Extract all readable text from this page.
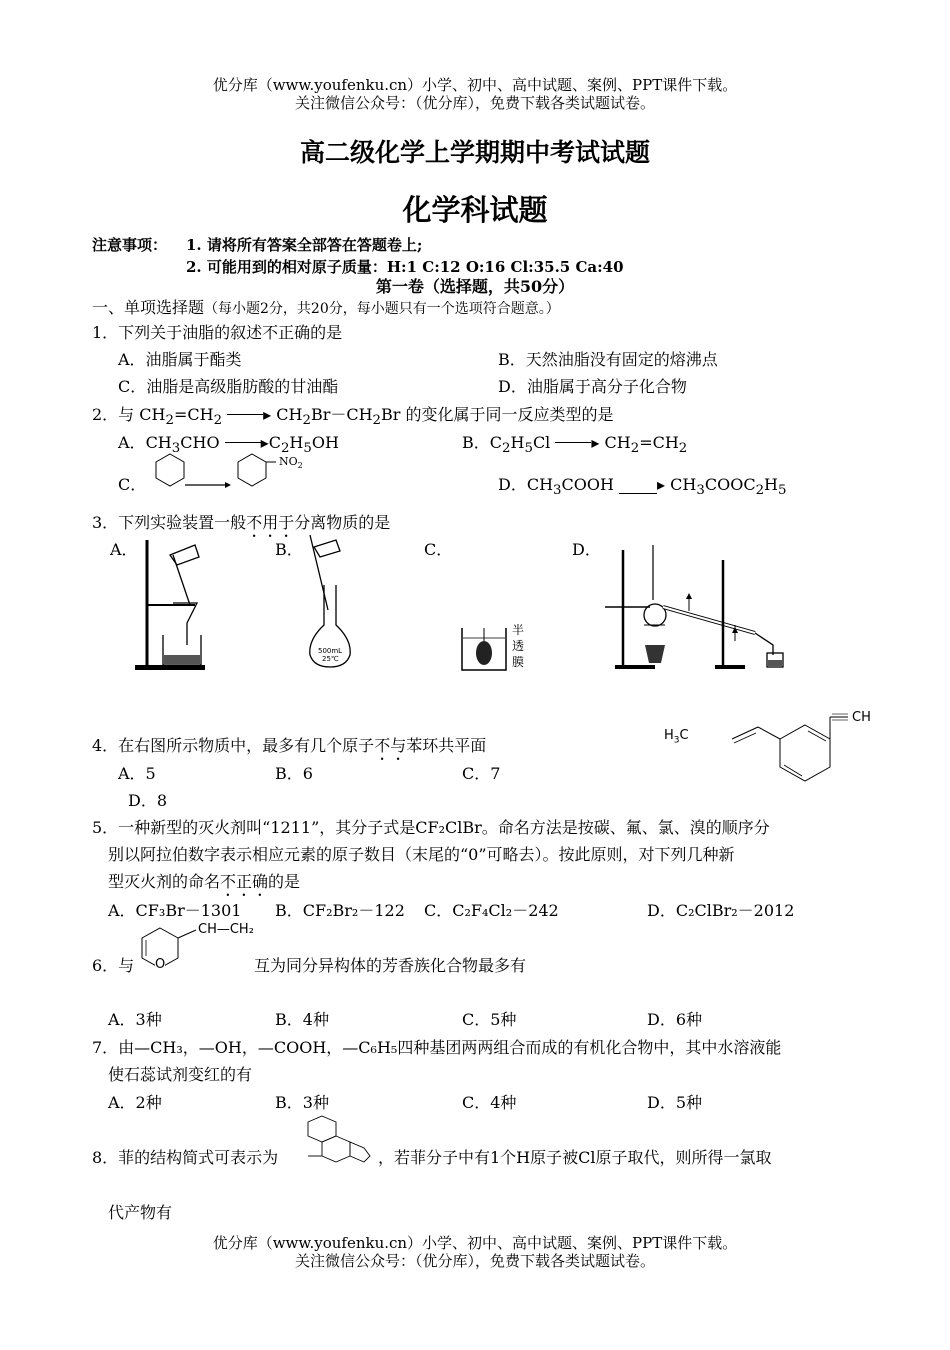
优分库（www.youfenku.cn）小学、初中、高中试题、案例、PPT课件下载。
关注微信公众号：（优分库），免费下载各类试题试卷。
高二级化学上学期期中考试试题
化学科试题
注意事项： 1. 请将所有答案全部答在答题卷上;
2. 可能用到的相对原子质量：H:1 C:12 O:16 Cl:35.5 Ca:40
第一卷（选择题，共50分）
一、单项选择题（每小题2分，共20分，每小题只有一个选项符合题意。）
1．下列关于油脂的叙述不正确的是
A．油脂属于酯类	B．天然油脂没有固定的熔沸点
C．油脂是高级脂肪酸的甘油酯	D．油脂属于高分子化合物
2．与 $CH_2=CH_2$	▸ $CH_2Br-CH_2Br$ 的变化属于同一反应类型的是
A．$CH_3CHO$ $▸C_2H_5OH$	B．$C_2H_5Cl$ ▸ $CH_2=CH_2$
C．
$NO_2$
D．$CH_3COOH$ ▸ $CH_3COOC_2H_5$
3．下列实验装置一般不用于分离物质的是
A．	B．	C．	D．
500mL
25℃
半
透
膜
4．在右图所示物质中，最多有几个原子不与苯环共平面
A．5	B．6	C．7
D．8
$H_3C$
CH
5．一种新型的灭火剂叫“1211”，其分子式是CF₂ClBr。命名方法是按碳、氟、氯、溴的顺序分
别以阿拉伯数字表示相应元素的原子数目（末尾的“0”可略去）。按此原则，对下列几种新
型灭火剂的命名不正确的是
A．CF₃Br－1301 B．CF₂Br₂－122 C．C₂F₄Cl₂－242	D．C₂ClBr₂－2012
6．与 O
CH—CH₂
互为同分异构体的芳香族化合物最多有
A．3种	B．4种	C．5种	D．6种
7．由—CH₃，—OH，—COOH，—C₆H₅四种基团两两组合而成的有机化合物中，其中水溶液能
使石蕊试剂变红的有
A．2种	B．3种	C．4种	D．5种
8．菲的结构简式可表示为	，若菲分子中有1个H原子被Cl原子取代，则所得一氯取
代产物有
优分库（www.youfenku.cn）小学、初中、高中试题、案例、PPT课件下载。
关注微信公众号：（优分库），免费下载各类试题试卷。
